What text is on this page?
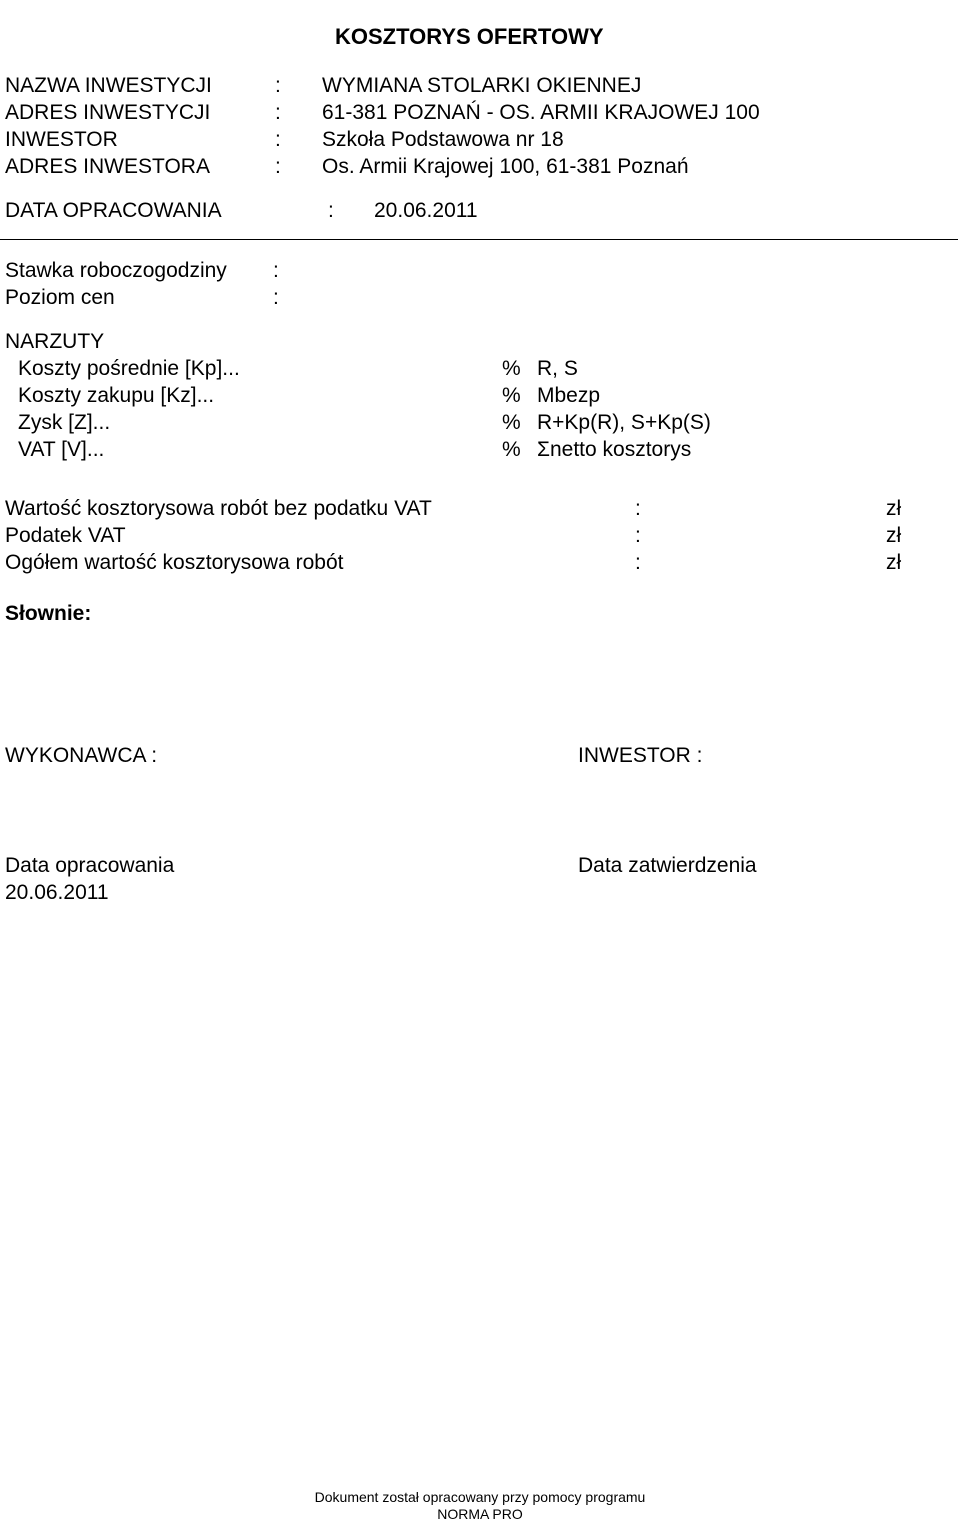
KOSZTORYS OFERTOWY
NAZWA INWESTYCJI	: WYMIANA STOLARKI OKIENNEJ
ADRES INWESTYCJI	: 61-381 POZNAŃ - OS. ARMII KRAJOWEJ 100
INWESTOR	: Szkoła Podstawowa nr 18
ADRES INWESTORA	: Os. Armii Krajowej 100, 61-381 Poznań
DATA OPRACOWANIA	: 20.06.2011
Stawka roboczogodziny :
Poziom cen	:
NARZUTY
Koszty pośrednie [Kp]...	% R, S
Koszty zakupu [Kz]...	% Mbezp
Zysk [Z]...	% R+Kp(R), S+Kp(S)
VAT [V]...	% Σnetto kosztorys
Wartość kosztorysowa robót bez podatku VAT	:	zł
Podatek VAT	:	zł
Ogółem wartość kosztorysowa robót	:	zł
Słownie:
WYKONAWCA :	INWESTOR :
Data opracowania
20.06.2011
Data zatwierdzenia
Dokument został opracowany przy pomocy programu
NORMA PRO
